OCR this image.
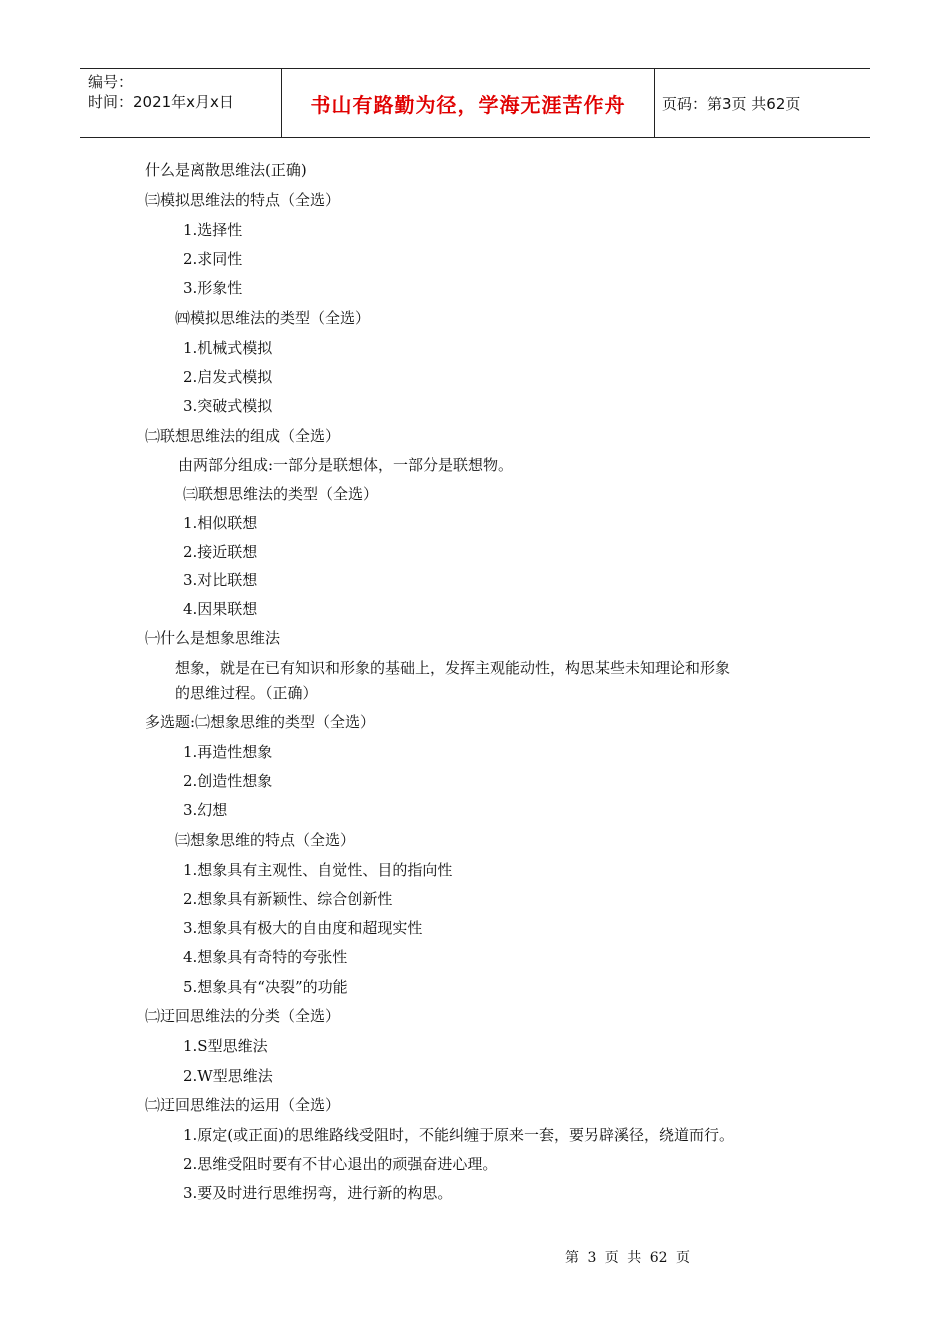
编号：
时间：2021年x月x日	书山有路勤为径，学海无涯苦作舟	页码：第3页 共62页
什么是离散思维法(正确)
㈢模拟思维法的特点（全选）
1.选择性
2.求同性
3.形象性
㈣模拟思维法的类型（全选）
1.机械式模拟
2.启发式模拟
3.突破式模拟
㈡联想思维法的组成（全选）
由两部分组成:一部分是联想体，一部分是联想物。
㈢联想思维法的类型（全选）
1.相似联想
2.接近联想
3.对比联想
4.因果联想
㈠什么是想象思维法
想象，就是在已有知识和形象的基础上，发挥主观能动性，构思某些未知理论和形象
的思维过程。（正确）
多选题:㈡想象思维的类型（全选）
1.再造性想象
2.创造性想象
3.幻想
㈢想象思维的特点（全选）
1.想象具有主观性、自觉性、目的指向性
2.想象具有新颖性、综合创新性
3.想象具有极大的自由度和超现实性
4.想象具有奇特的夸张性
5.想象具有“决裂”的功能
㈡迂回思维法的分类（全选）
1.S型思维法
2.W型思维法
㈡迂回思维法的运用（全选）
1.原定(或正面)的思维路线受阻时，不能纠缠于原来一套，要另辟溪径，绕道而行。
2.思维受阻时要有不甘心退出的顽强奋进心理。
3.要及时进行思维拐弯，进行新的构思。
第 3 页 共 62 页
